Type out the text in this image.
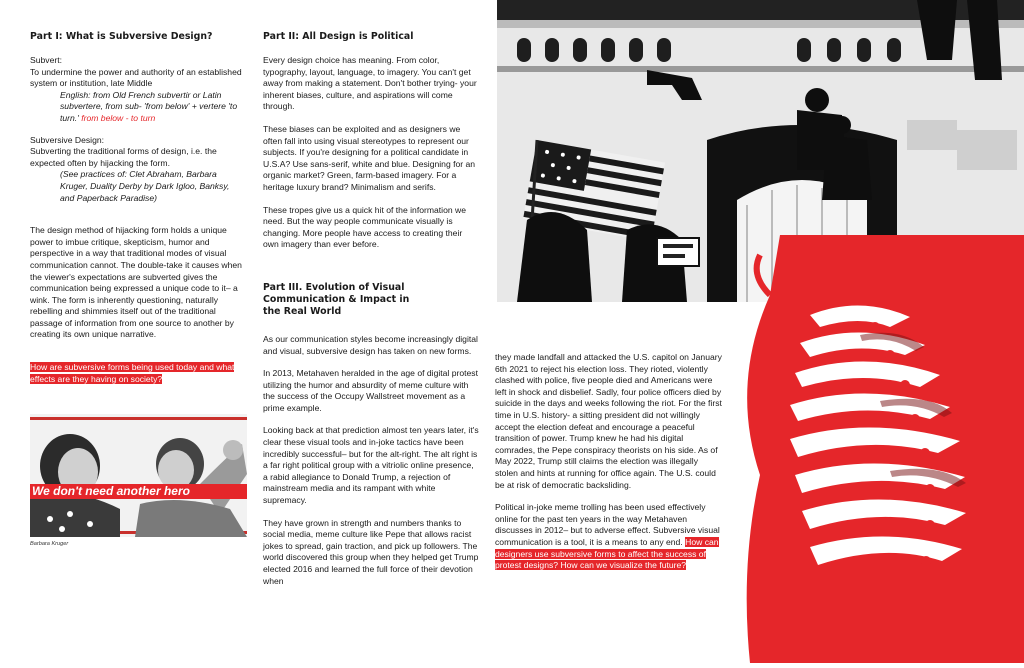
Part I: What is Subversive Design?
Subvert:
To undermine the power and authority of an established system or institution, late Middle
English: from Old French subvertir or Latin subvertere, from sub- 'from below' + vertere 'to turn.' from below - to turn
Subversive Design:
Subverting the traditional forms of design, i.e. the expected often by hijacking the form.
(See practices of: Clet Abraham, Barbara Kruger, Duality Derby by Dark Igloo, Banksy, and Paperback Paradise)

The design method of hijacking form holds a unique power to imbue critique, skepticism, humor and perspective in a way that traditional modes of visual communication cannot. The double-take it causes when the viewer's expectations are subverted gives the communication being expressed a unique code to it– a wink. The form is inherently questioning, naturally rebelling and shimmies itself out of the traditional passage of information from one source to another by creating its own unique narrative.

How are subversive forms being used today and what effects are they having on society?
We don't need another hero
Barbara Kruger
Part II: All Design is Political

Every design choice has meaning. From color, typography, layout, language, to imagery. You can't get away from making a statement. Don't bother trying- your inherent biases, culture, and aspirations will come through.

These biases can be exploited and as designers we often fall into using visual stereotypes to represent our subjects. If you're designing for a political candidate in U.S.A? Use sans-serif, white and blue. Designing for an organic market? Green, farm-based imagery. For a heritage luxury brand? Minimalism and serifs.

These tropes give us a quick hit of the information we need. But the way people communicate visually is changing. More people have access to creating their own imagery than ever before.

Part III. Evolution of Visual Communication & Impact in the Real World

As our communication styles become increasingly digital and visual, subversive design has taken on new forms.

In 2013, Metahaven heralded in the age of digital protest utilizing the humor and absurdity of meme culture with the success of the Occupy Wallstreet movement as a prime example.

Looking back at that prediction almost ten years later, it's clear these visual tools and in-joke tactics have been incredibly successful– but for the alt-right. The alt right is a far right political group with a vitriolic online presence, a rabid allegiance to Donald Trump, a rejection of mainstream media and its rampant with white supremacy.

They have grown in strength and numbers thanks to social media, meme culture like Pepe that allows racist jokes to spread, gain traction, and pick up followers. The world discovered this group when they helped get Trump elected 2016 and learned the full force of their devotion when

they made landfall and attacked the U.S. capitol on January 6th 2021 to reject his election loss. They rioted, violently clashed with police, five people died and Americans were left in shock and disbelief. Sadly, four police officers died by suicide in the days and weeks following the riot. For the first time in U.S. history- a sitting president did not willingly accept the election defeat and encourage a peaceful transition of power. Trump knew he had his digital comrades, the Pepe conspiracy theorists on his side. As of May 2022, Trump still claims the election was illegally stolen and hints at running for office again. The U.S. could be at risk of democratic backsliding.

Political in-joke meme trolling has been used effectively online for the past ten years in the way Metahaven discusses in 2012– but to adverse effect. Subversive visual communication is a tool, it is a means to any end. How can designers use subversive forms to affect the success of protest designs? How can we visualize the future?
